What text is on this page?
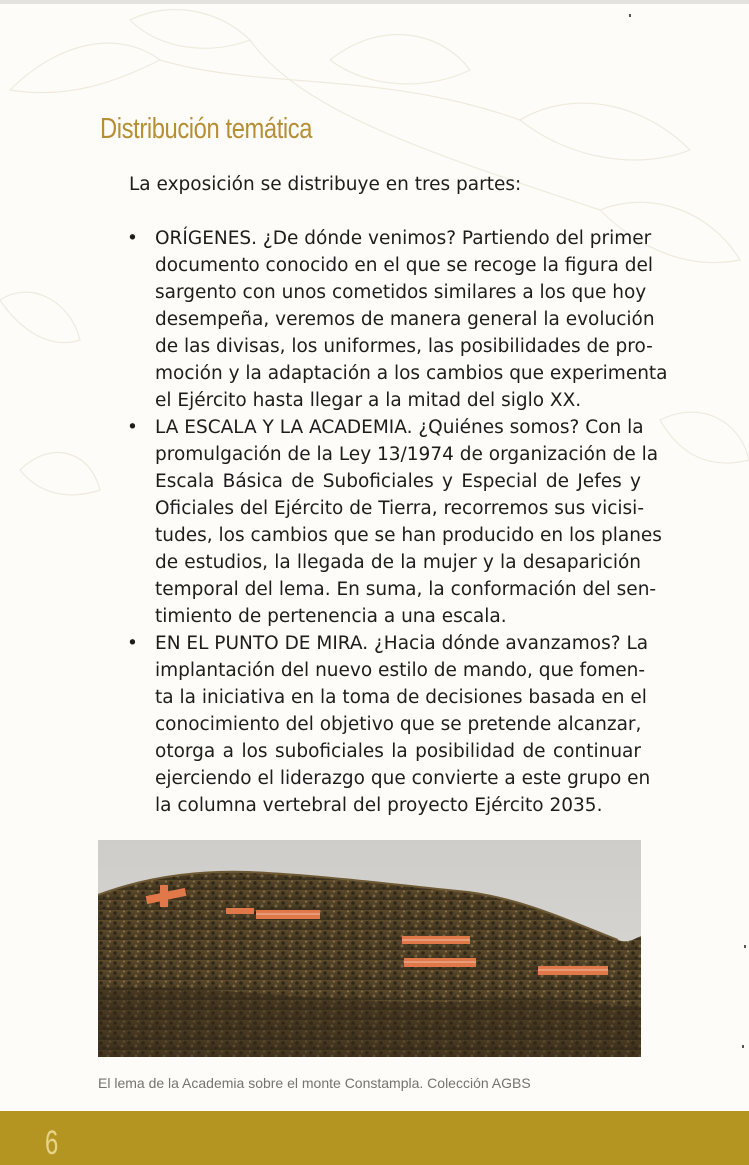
Distribución temática

La exposición se distribuye en tres partes:

• ORÍGENES. ¿De dónde venimos? Partiendo del primer
documento conocido en el que se recoge la figura del
sargento con unos cometidos similares a los que hoy
desempeña, veremos de manera general la evolución
de las divisas, los uniformes, las posibilidades de pro-
moción y la adaptación a los cambios que experimenta
el Ejército hasta llegar a la mitad del siglo XX.

• LA ESCALA Y LA ACADEMIA. ¿Quiénes somos? Con la
promulgación de la Ley 13/1974 de organización de la
Escala Básica de Suboficiales y Especial de Jefes y
Oficiales del Ejército de Tierra, recorremos sus vicisi-
tudes, los cambios que se han producido en los planes
de estudios, la llegada de la mujer y la desaparición
temporal del lema. En suma, la conformación del sen-
timiento de pertenencia a una escala.

• EN EL PUNTO DE MIRA. ¿Hacia dónde avanzamos? La
implantación del nuevo estilo de mando, que fomen-
ta la iniciativa en la toma de decisiones basada en el
conocimiento del objetivo que se pretende alcanzar,
otorga a los suboficiales la posibilidad de continuar
ejerciendo el liderazgo que convierte a este grupo en
la columna vertebral del proyecto Ejército 2035.

El lema de la Academia sobre el monte Constampla. Colección AGBS

6
